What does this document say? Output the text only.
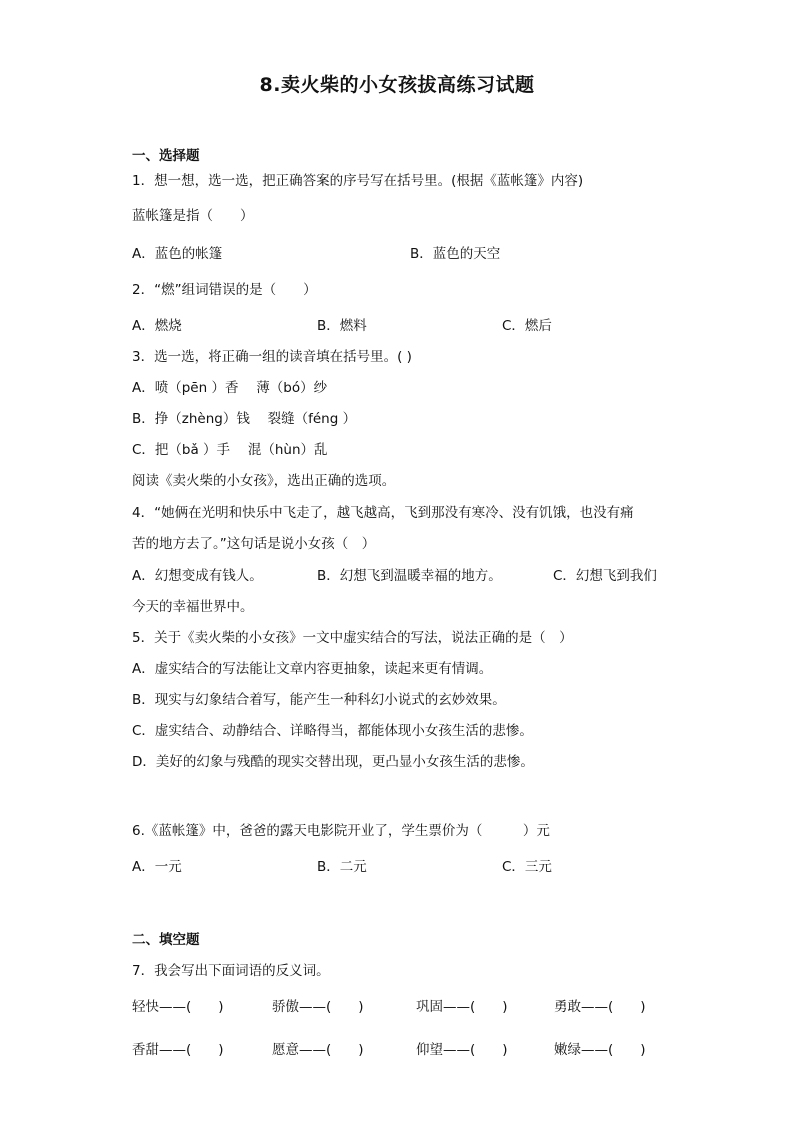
8.卖火柴的小女孩拔高练习试题
一、选择题
1．想一想，选一选，把正确答案的序号写在括号里。(根据《蓝帐篷》内容)
蓝帐篷是指（　　）
A．蓝色的帐篷	B．蓝色的天空
2．“燃”组词错误的是（　　）
A．燃烧	B．燃料	C．燃后
3．选一选，将正确一组的读音填在括号里。( )
A．喷（pēn ）香　 薄（bó）纱
B．挣（zhèng）钱　 裂缝（féng ）
C．把（bǎ ）手　 混（hùn）乱
阅读《卖火柴的小女孩》，选出正确的选项。
4．“她俩在光明和快乐中飞走了，越飞越高，飞到那没有寒冷、没有饥饿，也没有痛
苦的地方去了。”这句话是说小女孩（　）
A．幻想变成有钱人。	B．幻想飞到温暖幸福的地方。	C．幻想飞到我们
今天的幸福世界中。
5．关于《卖火柴的小女孩》一文中虚实结合的写法，说法正确的是（　）
A．虚实结合的写法能让文章内容更抽象，读起来更有情调。
B．现实与幻象结合着写，能产生一种科幻小说式的玄妙效果。
C．虚实结合、动静结合、详略得当，都能体现小女孩生活的悲惨。
D．美好的幻象与残酷的现实交替出现，更凸显小女孩生活的悲惨。
6.《蓝帐篷》中，爸爸的露天电影院开业了，学生票价为（　　　）元
A．一元	B．二元	C．三元
二、填空题
7．我会写出下面词语的反义词。
轻快——(　　)	骄傲——(　　)	巩固——(　　)	勇敢——(　　)
香甜——(　　)	愿意——(　　)	仰望——(　　)	嫩绿——(　　)
